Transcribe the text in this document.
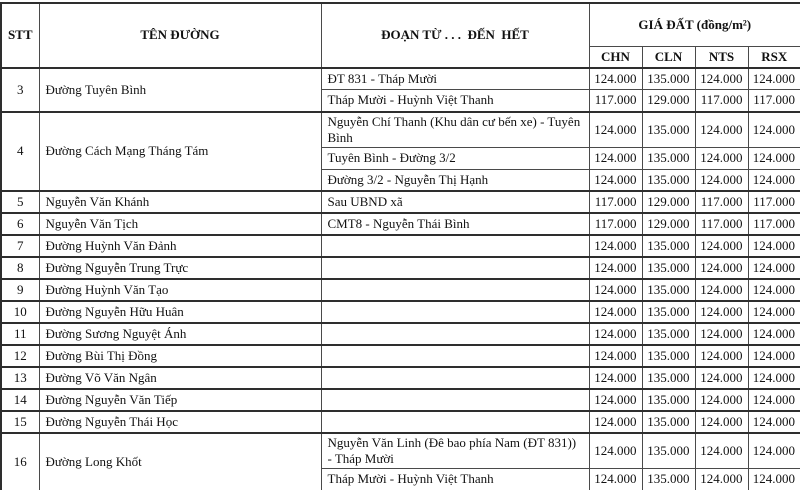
STT	TÊN ĐƯỜNG	ĐOẠN TỪ . . .  ĐẾN  HẾT	GIÁ ĐẤT (đồng/m²)			
			CHN	CLN	NTS	RSX
3	Đường Tuyên Bình	ĐT 831 - Tháp Mười	124.000	135.000	124.000	124.000
		Tháp Mười - Huỳnh Việt Thanh	117.000	129.000	117.000	117.000
4	Đường Cách Mạng Tháng Tám	Nguyễn Chí Thanh (Khu dân cư bến xe) - Tuyên Bình	124.000	135.000	124.000	124.000
		Tuyên Bình - Đường 3/2	124.000	135.000	124.000	124.000
		Đường 3/2 - Nguyễn Thị Hạnh	124.000	135.000	124.000	124.000
5	Nguyễn Văn Khánh	Sau UBND xã	117.000	129.000	117.000	117.000
6	Nguyễn Văn Tịch	CMT8 - Nguyễn Thái Bình	117.000	129.000	117.000	117.000
7	Đường Huỳnh Văn Đảnh		124.000	135.000	124.000	124.000
8	Đường Nguyễn Trung Trực		124.000	135.000	124.000	124.000
9	Đường Huỳnh Văn Tạo		124.000	135.000	124.000	124.000
10	Đường Nguyễn Hữu Huân		124.000	135.000	124.000	124.000
11	Đường Sương Nguyệt Ánh		124.000	135.000	124.000	124.000
12	Đường Bùi Thị Đồng		124.000	135.000	124.000	124.000
13	Đường Võ Văn Ngân		124.000	135.000	124.000	124.000
14	Đường Nguyễn Văn Tiếp		124.000	135.000	124.000	124.000
15	Đường Nguyễn Thái Học		124.000	135.000	124.000	124.000
16	Đường Long Khốt	Nguyễn Văn Linh (Đê bao phía Nam (ĐT 831)) - Tháp Mười	124.000	135.000	124.000	124.000
		Tháp Mười - Huỳnh Việt Thanh	124.000	135.000	124.000	124.000
